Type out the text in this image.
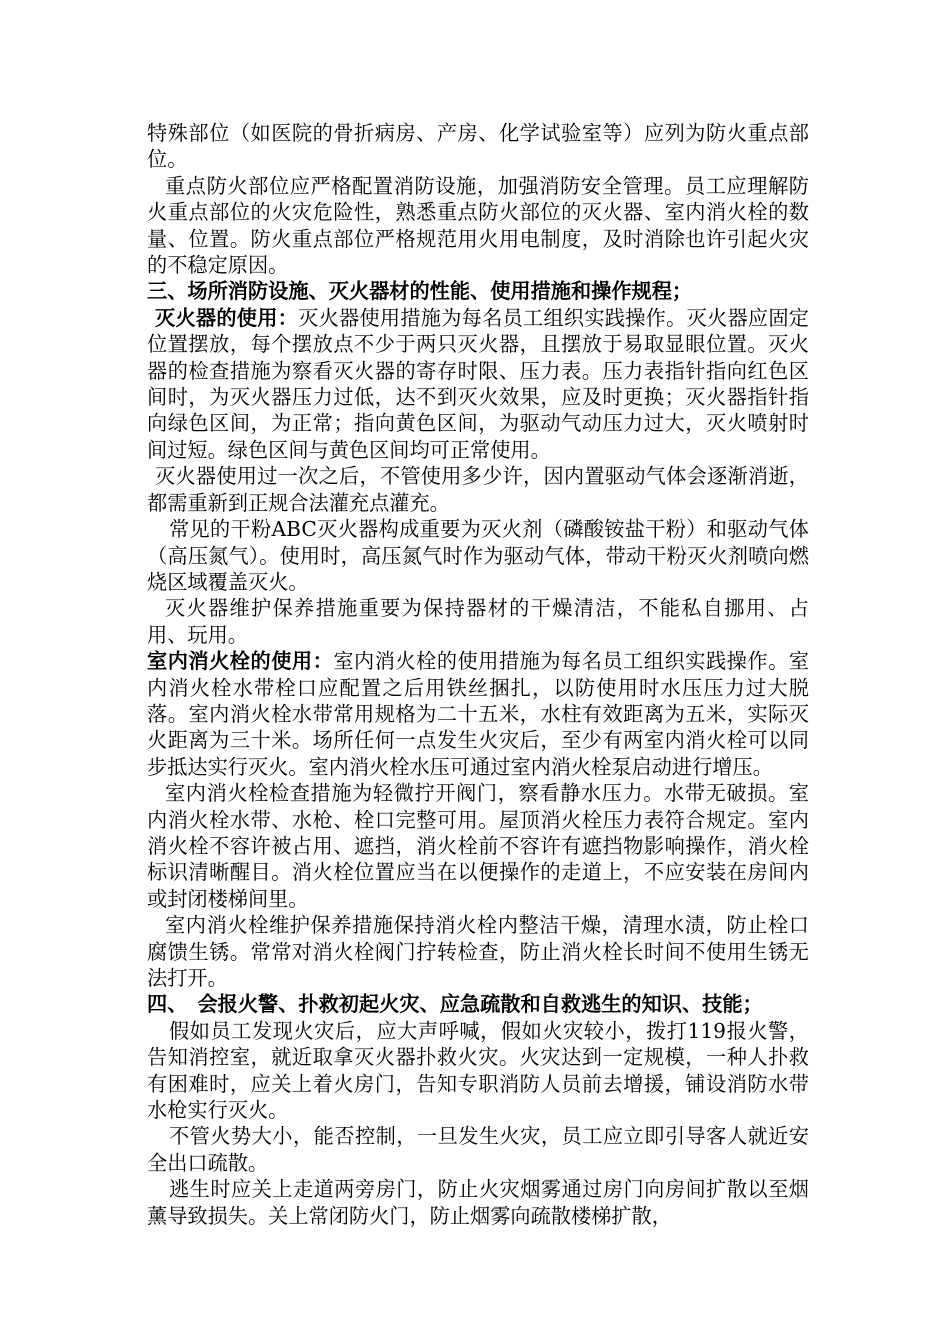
特殊部位（如医院的骨折病房、产房、化学试验室等）应列为防火重点部位。

重点防火部位应严格配置消防设施，加强消防安全管理。员工应理解防火重点部位的火灾危险性，熟悉重点防火部位的灭火器、室内消火栓的数量、位置。防火重点部位严格规范用火用电制度，及时消除也许引起火灾的不稳定原因。

三、场所消防设施、灭火器材的性能、使用措施和操作规程；

灭火器的使用：灭火器使用措施为每名员工组织实践操作。灭火器应固定位置摆放，每个摆放点不少于两只灭火器，且摆放于易取显眼位置。灭火器的检查措施为察看灭火器的寄存时限、压力表。压力表指针指向红色区间时，为灭火器压力过低，达不到灭火效果，应及时更换；灭火器指针指向绿色区间，为正常；指向黄色区间，为驱动气动压力过大，灭火喷射时间过短。绿色区间与黄色区间均可正常使用。

灭火器使用过一次之后，不管使用多少许，因内置驱动气体会逐渐消逝，都需重新到正规合法灌充点灌充。

常见的干粉ABC灭火器构成重要为灭火剂（磷酸铵盐干粉）和驱动气体（高压氮气）。使用时，高压氮气时作为驱动气体，带动干粉灭火剂喷向燃烧区域覆盖灭火。

灭火器维护保养措施重要为保持器材的干燥清洁，不能私自挪用、占用、玩用。

室内消火栓的使用：室内消火栓的使用措施为每名员工组织实践操作。室内消火栓水带栓口应配置之后用铁丝捆扎，以防使用时水压压力过大脱落。室内消火栓水带常用规格为二十五米，水柱有效距离为五米，实际灭火距离为三十米。场所任何一点发生火灾后，至少有两室内消火栓可以同步抵达实行灭火。室内消火栓水压可通过室内消火栓泵启动进行增压。

室内消火栓检查措施为轻微拧开阀门，察看静水压力。水带无破损。室内消火栓水带、水枪、栓口完整可用。屋顶消火栓压力表符合规定。室内消火栓不容许被占用、遮挡，消火栓前不容许有遮挡物影响操作，消火栓标识清晰醒目。消火栓位置应当在以便操作的走道上，不应安装在房间内或封闭楼梯间里。

室内消火栓维护保养措施保持消火栓内整洁干燥，清理水渍，防止栓口腐馈生锈。常常对消火栓阀门拧转检查，防止消火栓长时间不使用生锈无法打开。

四、　会报火警、扑救初起火灾、应急疏散和自救逃生的知识、技能；

假如员工发现火灾后，应大声呼喊，假如火灾较小，拨打119报火警，告知消控室，就近取拿灭火器扑救火灾。火灾达到一定规模，一种人扑救有困难时，应关上着火房门，告知专职消防人员前去增援，铺设消防水带水枪实行灭火。

不管火势大小，能否控制，一旦发生火灾，员工应立即引导客人就近安全出口疏散。

逃生时应关上走道两旁房门，防止火灾烟雾通过房门向房间扩散以至烟薰导致损失。关上常闭防火门，防止烟雾向疏散楼梯扩散，
